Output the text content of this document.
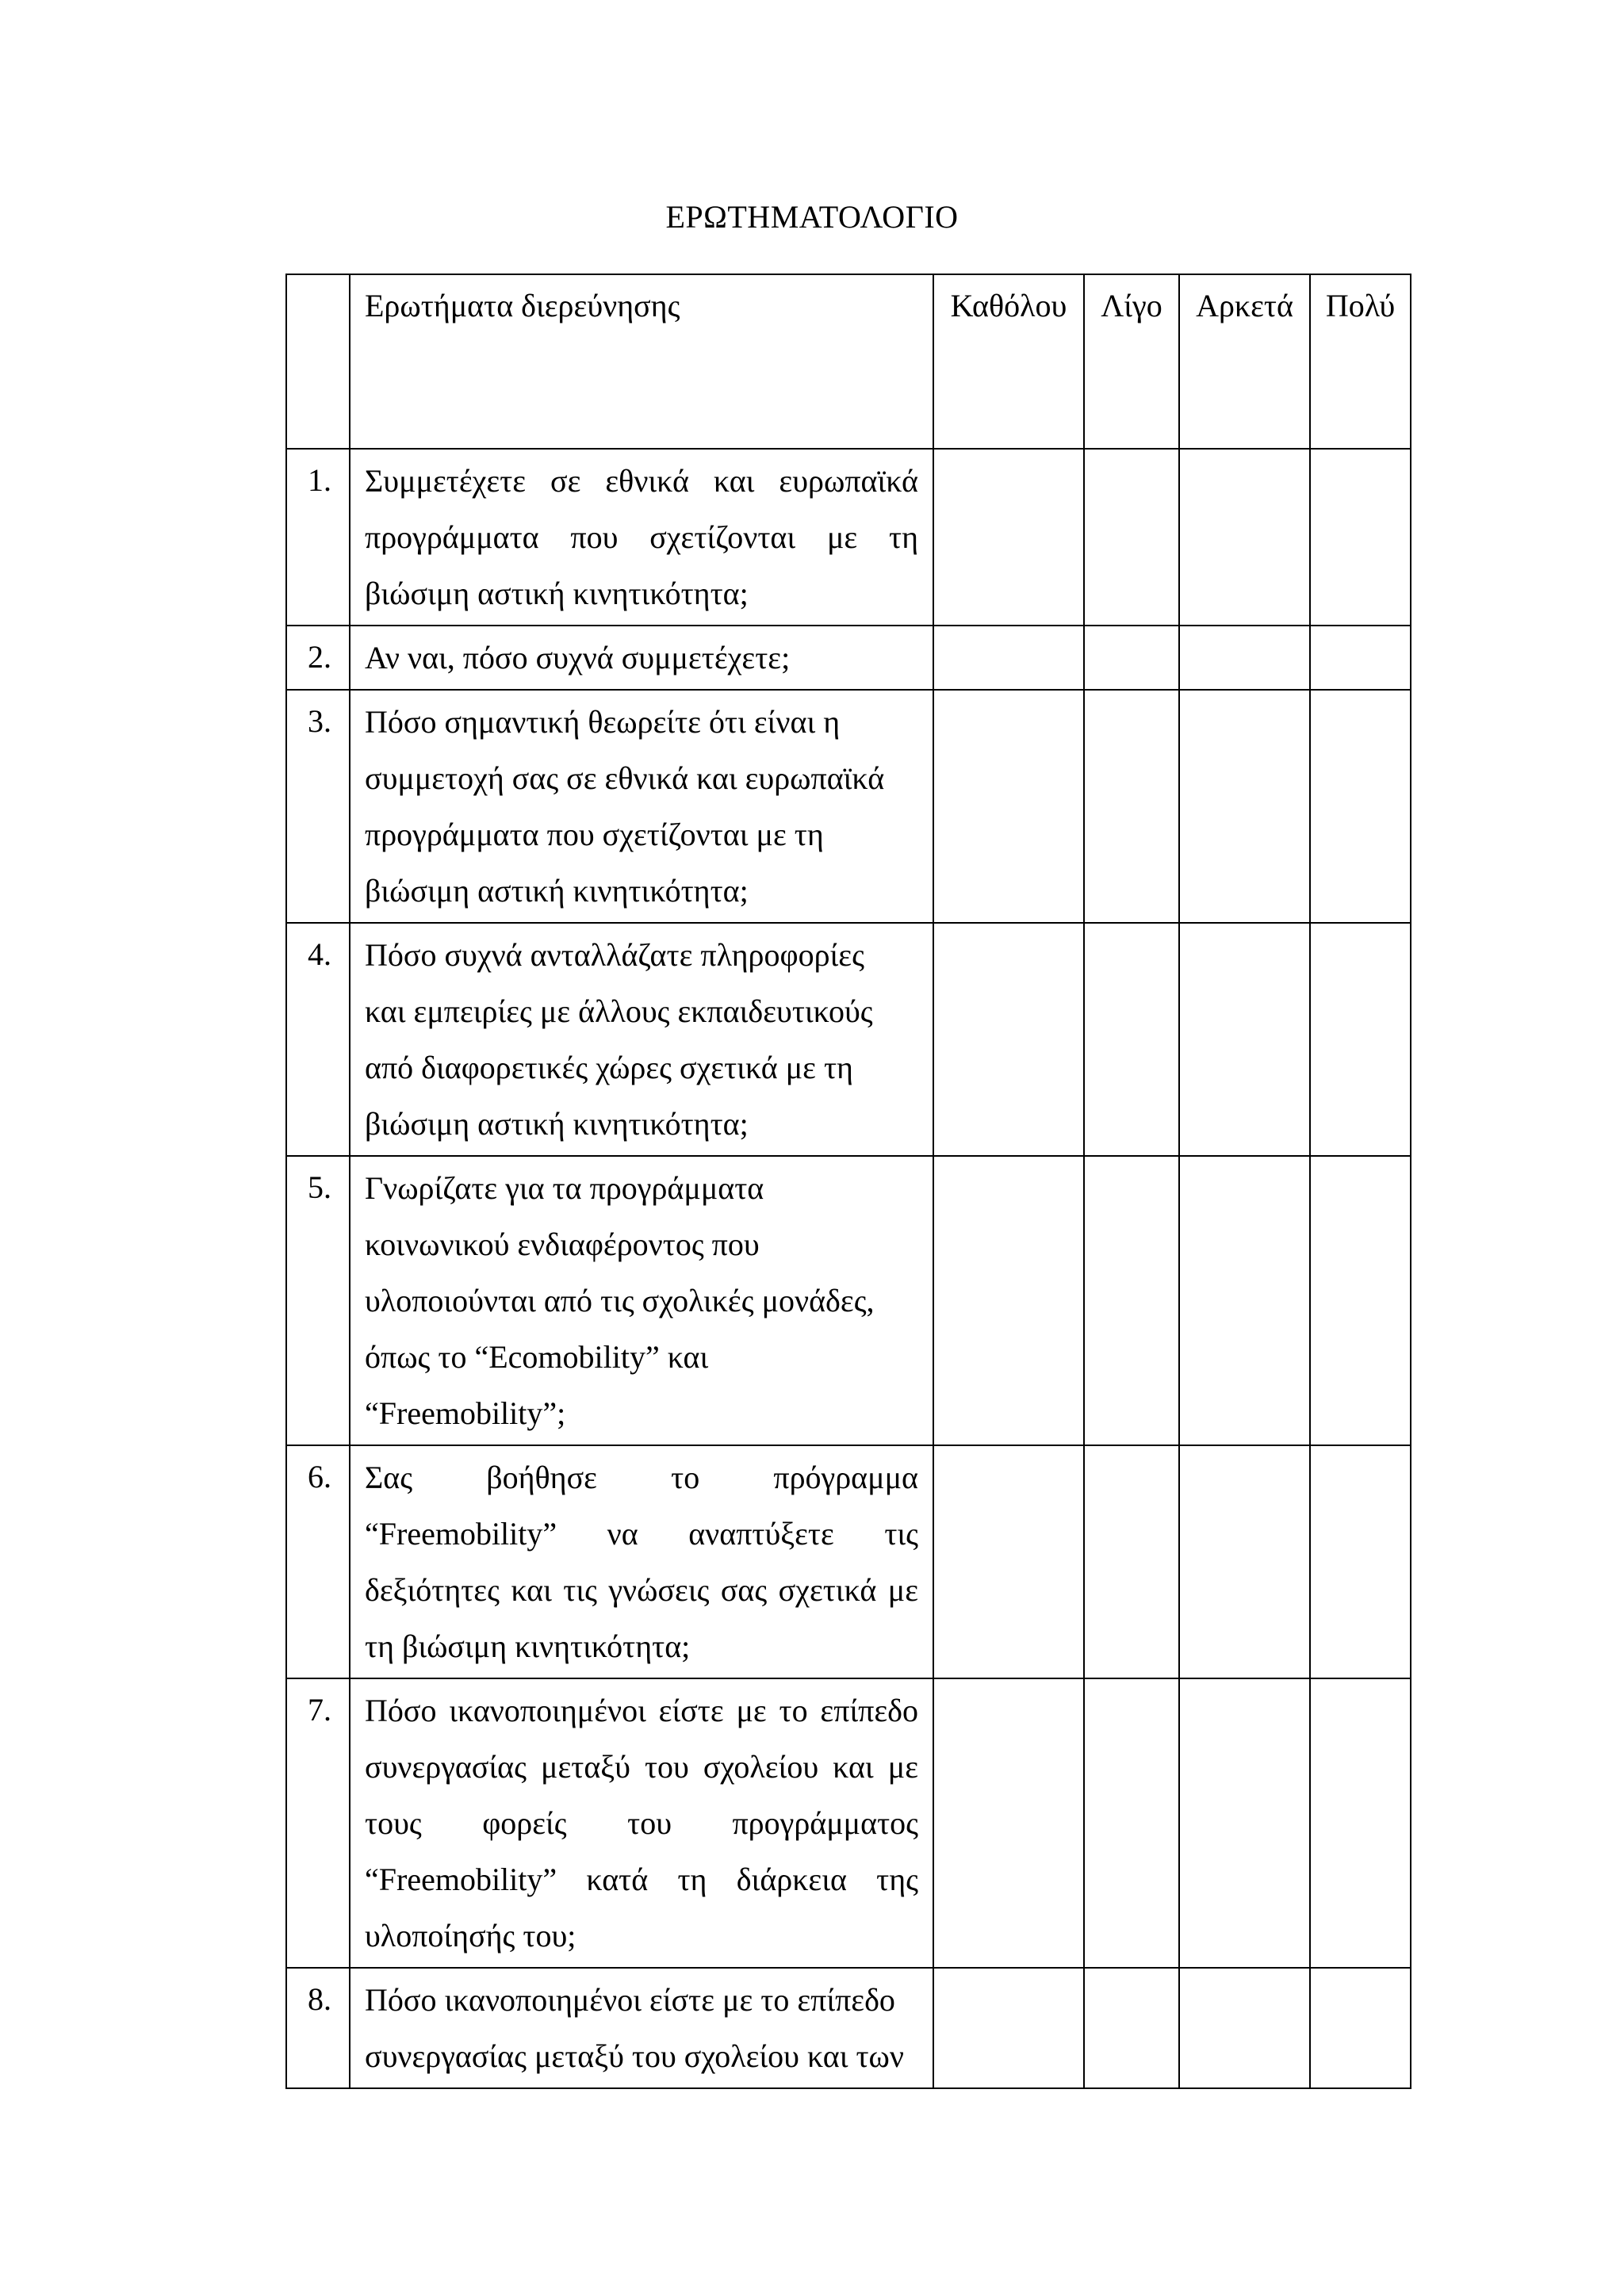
ΕΡΩΤΗΜΑΤΟΛΟΓΙΟ

	Ερωτήματα διερεύνησης	Καθόλου	Λίγο	Αρκετά	Πολύ

1.	Συμμετέχετε σε εθνικά και ευρωπαϊκά
προγράμματα που σχετίζονται με τη
βιώσιμη αστική κινητικότητα;				

2.	Αν ναι, πόσο συχνά συμμετέχετε;				

3.	Πόσο σημαντική θεωρείτε ότι είναι η
συμμετοχή σας σε εθνικά και ευρωπαϊκά
προγράμματα που σχετίζονται με τη
βιώσιμη αστική κινητικότητα;				

4.	Πόσο συχνά ανταλλάζατε πληροφορίες
και εμπειρίες με άλλους εκπαιδευτικούς
από διαφορετικές χώρες σχετικά με τη
βιώσιμη αστική κινητικότητα;				

5.	Γνωρίζατε για τα προγράμματα
κοινωνικού ενδιαφέροντος που
υλοποιούνται από τις σχολικές μονάδες,
όπως το “Ecomobility” και
“Freemobility”;				

6.	Σας βοήθησε το πρόγραμμα
“Freemobility” να αναπτύξετε τις
δεξιότητες και τις γνώσεις σας σχετικά με
τη βιώσιμη κινητικότητα;				

7.	Πόσο ικανοποιημένοι είστε με το επίπεδο
συνεργασίας μεταξύ του σχολείου και με
τους φορείς του προγράμματος
“Freemobility” κατά τη διάρκεια της
υλοποίησής του;				

8.	Πόσο ικανοποιημένοι είστε με το επίπεδο
συνεργασίας μεταξύ του σχολείου και των				
